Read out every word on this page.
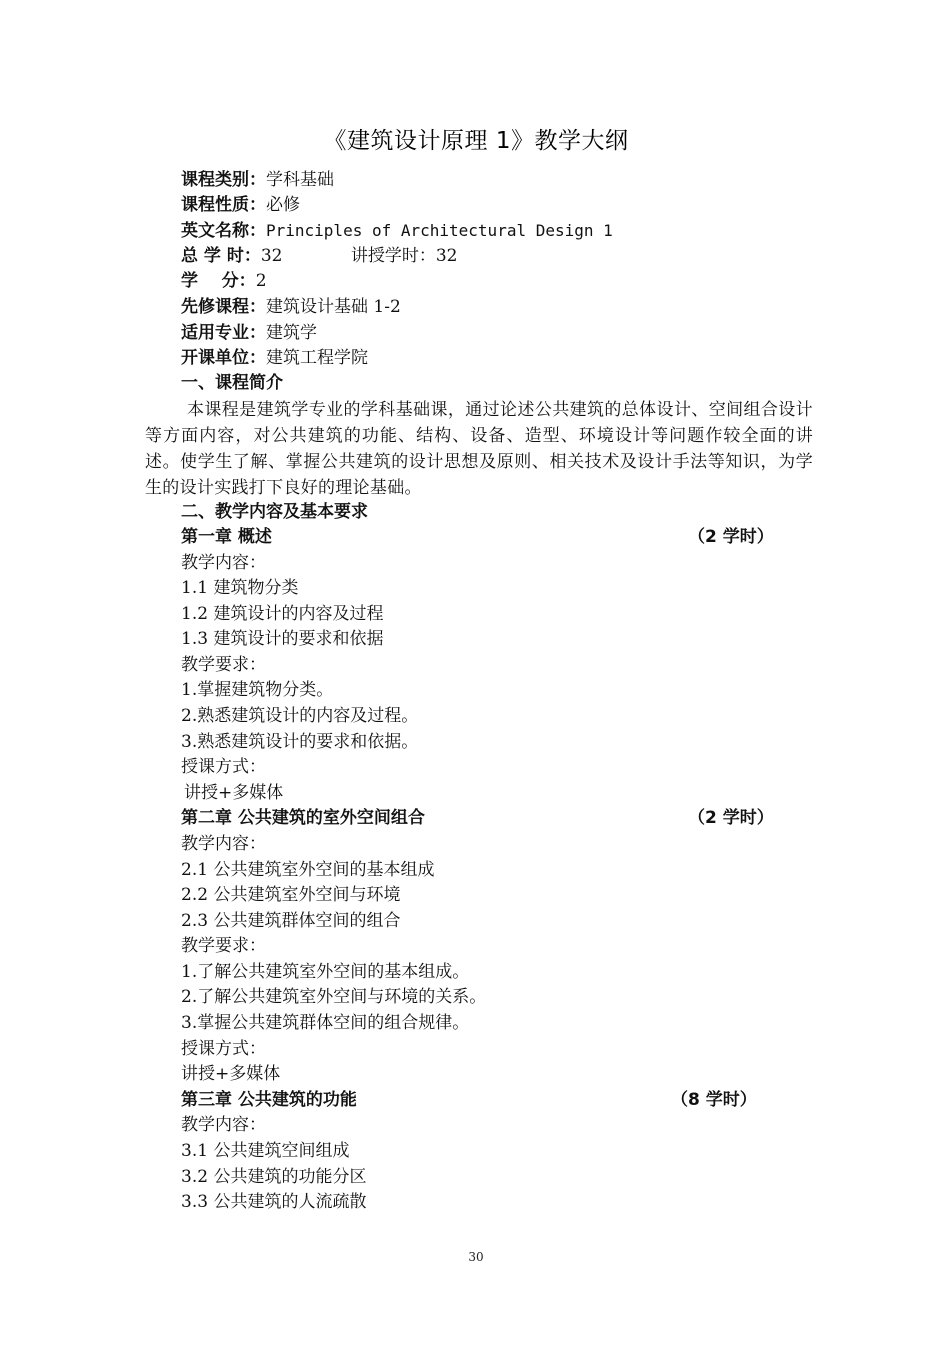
《建筑设计原理 1》教学大纲
课程类别：学科基础
课程性质：必修
英文名称：Principles of Architectural Design 1
总 学 时：32	讲授学时：32
学    分：2
先修课程：建筑设计基础 1-2
适用专业：建筑学
开课单位：建筑工程学院
一、课程简介
本课程是建筑学专业的学科基础课，通过论述公共建筑的总体设计、空间组合设计等方面内容，对公共建筑的功能、结构、设备、造型、环境设计等问题作较全面的讲述。使学生了解、掌握公共建筑的设计思想及原则、相关技术及设计手法等知识，为学生的设计实践打下良好的理论基础。
二、教学内容及基本要求
第一章 概述	（2 学时）
教学内容：
1.1 建筑物分类
1.2 建筑设计的内容及过程
1.3 建筑设计的要求和依据
教学要求：
1.掌握建筑物分类。
2.熟悉建筑设计的内容及过程。
3.熟悉建筑设计的要求和依据。
授课方式：
讲授+多媒体
第二章 公共建筑的室外空间组合	（2 学时）
教学内容：
2.1 公共建筑室外空间的基本组成
2.2 公共建筑室外空间与环境
2.3 公共建筑群体空间的组合
教学要求：
1.了解公共建筑室外空间的基本组成。
2.了解公共建筑室外空间与环境的关系。
3.掌握公共建筑群体空间的组合规律。
授课方式：
讲授+多媒体
第三章 公共建筑的功能	（8 学时）
教学内容：
3.1 公共建筑空间组成
3.2 公共建筑的功能分区
3.3 公共建筑的人流疏散
30
